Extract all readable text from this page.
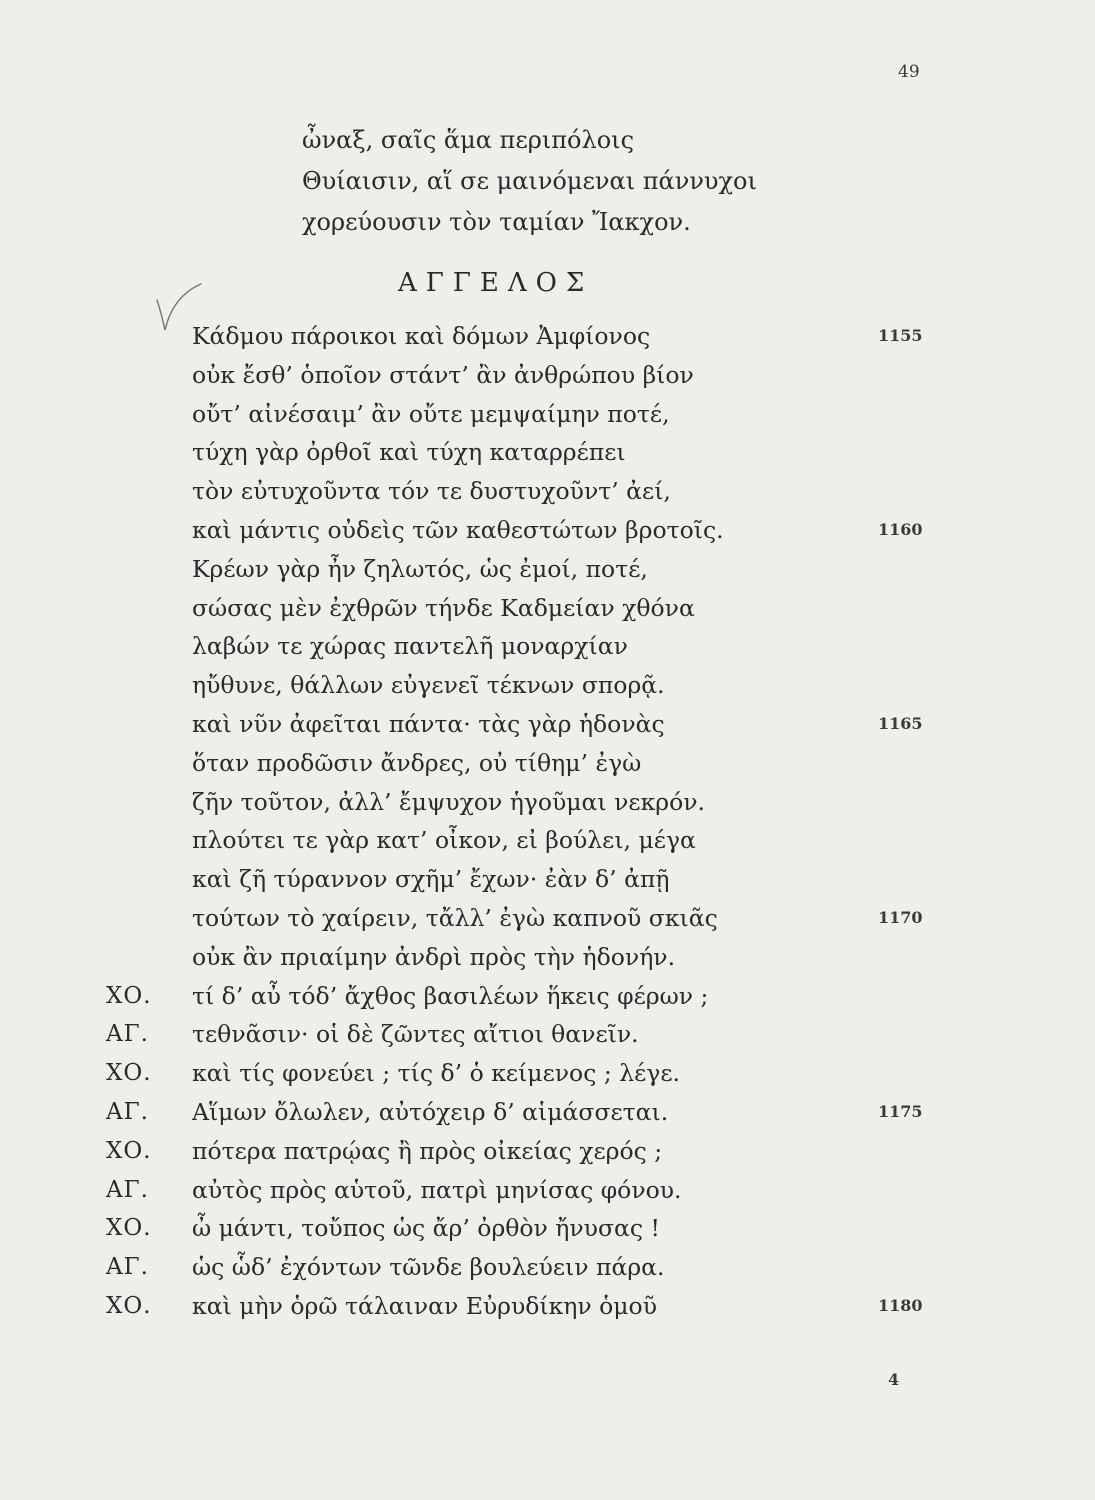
49
ὦναξ, σαῖς ἅμα περιπόλοις
Θυίαισιν, αἵ σε μαινόμεναι πάννυχοι
χορεύουσιν τὸν ταμίαν Ἴακχον.
ΑΓΓΕΛΟΣ
Κάδμου πάροικοι καὶ δόμων Ἀμφίονος	1155
οὐκ ἔσθ’ ὁποῖον στάντ’ ἂν ἀνθρώπου βίον
οὔτ’ αἰνέσαιμ’ ἂν οὔτε μεμψαίμην ποτέ,
τύχη γὰρ ὀρθοῖ καὶ τύχη καταρρέπει
τὸν εὐτυχοῦντα τόν τε δυστυχοῦντ’ ἀεί,
καὶ μάντις οὐδεὶς τῶν καθεστώτων βροτοῖς.	1160
Κρέων γὰρ ἦν ζηλωτός, ὡς ἐμοί, ποτέ,
σώσας μὲν ἐχθρῶν τήνδε Καδμείαν χθόνα
λαβών τε χώρας παντελῆ μοναρχίαν
ηὔθυνε, θάλλων εὐγενεῖ τέκνων σπορᾷ.
καὶ νῦν ἀφεῖται πάντα· τὰς γὰρ ἡδονὰς	1165
ὅταν προδῶσιν ἄνδρες, οὐ τίθημ’ ἐγὼ
ζῆν τοῦτον, ἀλλ’ ἔμψυχον ἡγοῦμαι νεκρόν.
πλούτει τε γὰρ κατ’ οἶκον, εἰ βούλει, μέγα
καὶ ζῆ τύραννον σχῆμ’ ἔχων· ἐὰν δ’ ἀπῇ
τούτων τὸ χαίρειν, τἄλλ’ ἐγὼ καπνοῦ σκιᾶς	1170
οὐκ ἂν πριαίμην ἀνδρὶ πρὸς τὴν ἡδονήν.
ΧΟ. τί δ’ αὖ τόδ’ ἄχθος βασιλέων ἥκεις φέρων ;
ΑΓ. τεθνᾶσιν· οἱ δὲ ζῶντες αἴτιοι θανεῖν.
ΧΟ. καὶ τίς φονεύει ; τίς δ’ ὁ κείμενος ; λέγε.
ΑΓ. Αἵμων ὄλωλεν, αὐτόχειρ δ’ αἱμάσσεται.	1175
ΧΟ. πότερα πατρῴας ἢ πρὸς οἰκείας χερός ;
ΑΓ. αὐτὸς πρὸς αὑτοῦ, πατρὶ μηνίσας φόνου.
ΧΟ. ὦ μάντι, τοὔπος ὡς ἄρ’ ὀρθὸν ἤνυσας !
ΑΓ. ὡς ὧδ’ ἐχόντων τῶνδε βουλεύειν πάρα.
ΧΟ. καὶ μὴν ὁρῶ τάλαιναν Εὐρυδίκην ὁμοῦ	1180
4
